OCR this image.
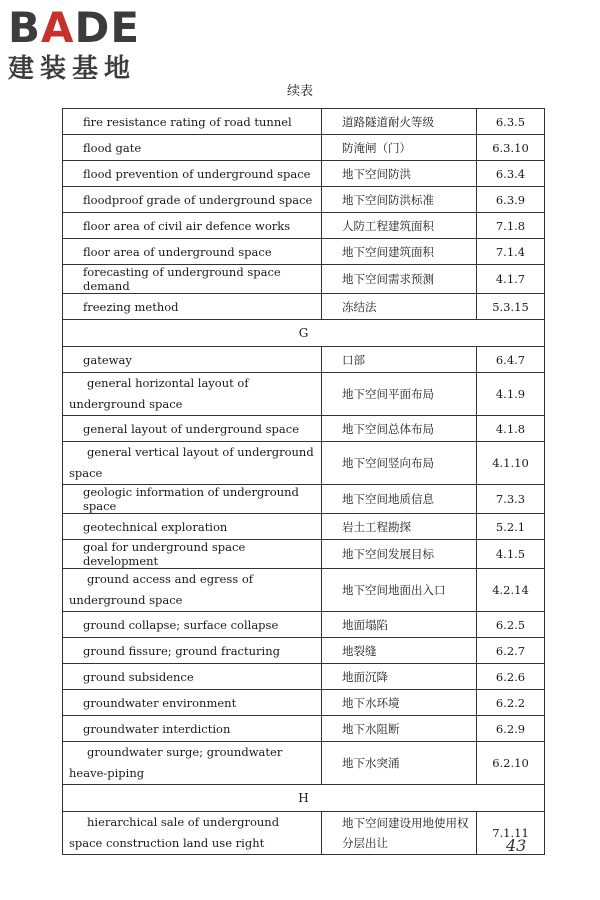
BADE
建装基地
续表
fire resistance rating of road tunnel	道路隧道耐火等级	6.3.5
flood gate	防淹闸（门）	6.3.10
flood prevention of underground space	地下空间防洪	6.3.4
floodproof grade of underground space	地下空间防洪标准	6.3.9
floor area of civil air defence works	人防工程建筑面积	7.1.8
floor area of underground space	地下空间建筑面积	7.1.4
forecasting of underground space demand	地下空间需求预测	4.1.7
freezing method	冻结法	5.3.15
G		
gateway	口部	6.4.7

general horizontal layout of underground space	地下空间平面布局	4.1.9
general layout of underground space	地下空间总体布局	4.1.8

general vertical layout of underground space	地下空间竖向布局	4.1.10
geologic information of underground space	地下空间地质信息	7.3.3
geotechnical exploration	岩土工程勘探	5.2.1
goal for underground space development	地下空间发展目标	4.1.5

ground access and egress of underground space	地下空间地面出入口	4.2.14
ground collapse; surface collapse	地面塌陷	6.2.5
ground fissure; ground fracturing	地裂缝	6.2.7
ground subsidence	地面沉降	6.2.6
groundwater environment	地下水环境	6.2.2
groundwater interdiction	地下水阻断	6.2.9

groundwater surge; groundwater heave-piping	地下水突涌	6.2.10
H		

hierarchical sale of underground space construction land use right	地下空间建设用地使用权分层出让	7.1.11
43
